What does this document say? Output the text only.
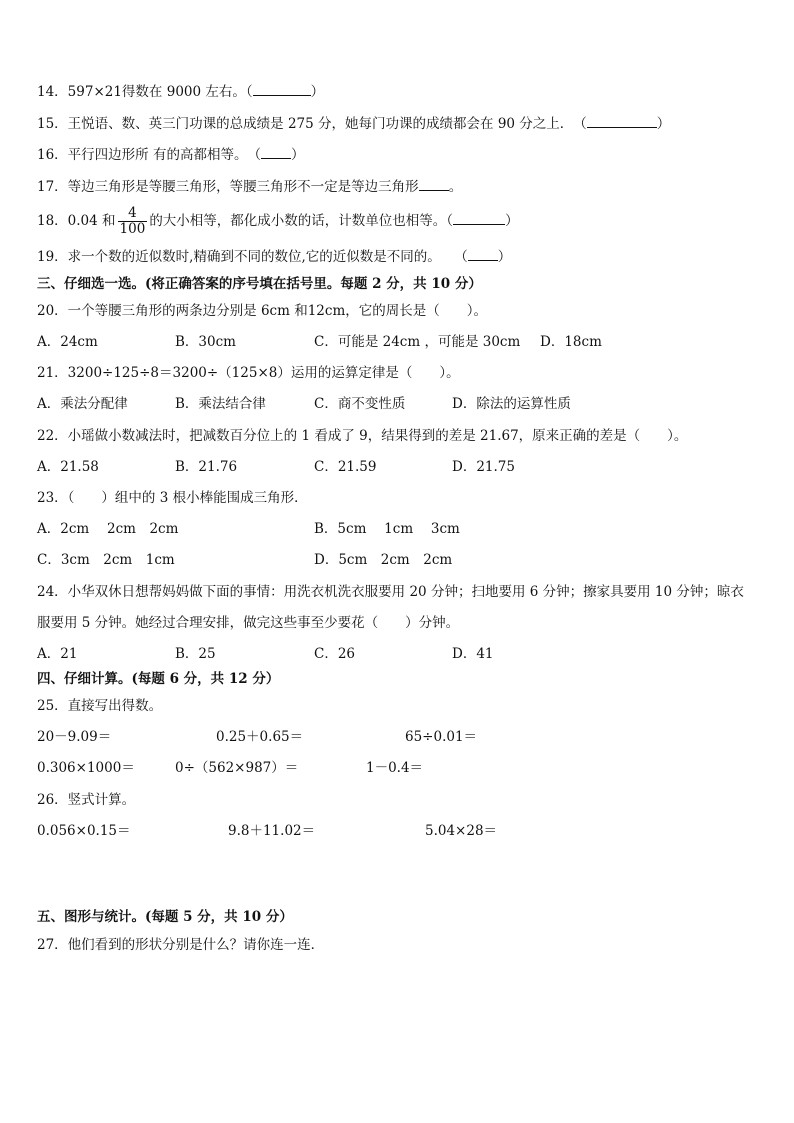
14．597×21得数在 9000 左右。（	）
15．王悦语、数、英三门功课的总成绩是 275 分，她每门功课的成绩都会在 90 分之上．　（	）
16．平行四边形所 有的高都相等。　（ ）
17．等边三角形是等腰三角形，等腰三角形不一定是等边三角形 。
18．0.04 和 $\frac{4}{100}$ 的大小相等，都化成小数的话，计数单位也相等。（	）
19．求一个数的近似数时,精确到不同的数位,它的近似数是不同的。　　（ ）
三、仔细选一选。(将正确答案的序号填在括号里。每题 2 分，共 10 分）
20．一个等腰三角形的两条边分别是 6cm 和12cm，它的周长是（　　）。
A．24cm	B．30cm	C．可能是 24cm ，可能是 30cm D．18cm
21．3200÷125÷8＝3200÷（125×8）运用的运算定律是（　　）。
A．乘法分配律	B．乘法结合律	C．商不变性质	D．除法的运算性质
22．小瑶做小数减法时，把减数百分位上的 1 看成了 9，结果得到的差是 21.67，原来正确的差是（　　）。
A．21.58	B．21.76	C．21.59	D．21.75
23．（　　）组中的 3 根小棒能围成三角形．
A．2cm　 2cm　2cm	B．5cm　 1cm　 3cm
C．3cm　2cm　1cm	D．5cm　2cm　2cm
24．小华双休日想帮妈妈做下面的事情：用洗衣机洗衣服要用 20 分钟；扫地要用 6 分钟；擦家具要用 10 分钟；晾衣
服要用 5 分钟。她经过合理安排，做完这些事至少要花（　　）分钟。
A．21	B．25	C．26	D．41
四、仔细计算。(每题 6 分，共 12 分）
25．直接写出得数。
20－9.09＝	0.25＋0.65＝	65÷0.01＝
0.306×1000＝	0÷（562×987）＝	1－0.4＝
26．竖式计算。
0.056×0.15＝	9.8＋11.02＝	5.04×28＝
五、图形与统计。(每题 5 分，共 10 分）
27．他们看到的形状分别是什么？请你连一连．
